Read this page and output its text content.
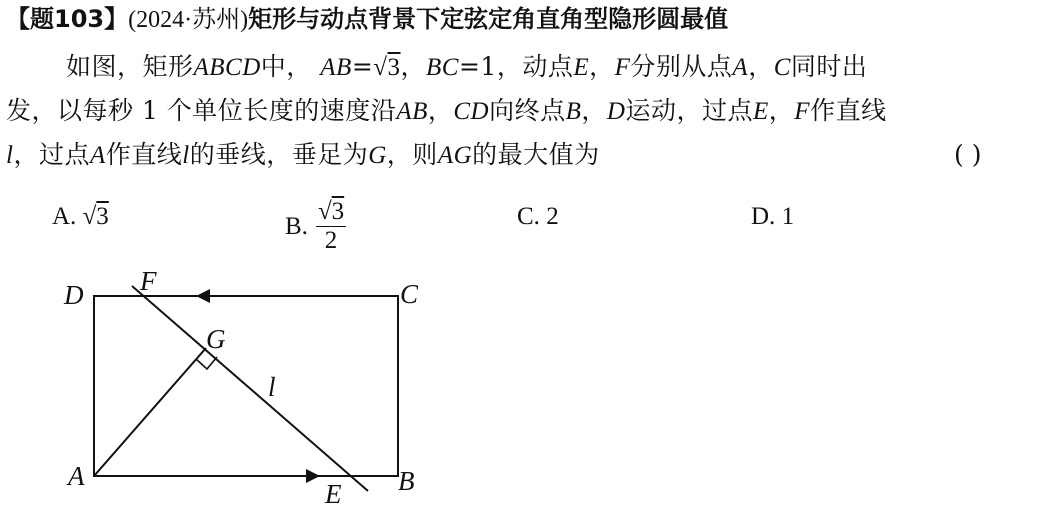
【题103】(2024·苏州)矩形与动点背景下定弦定角直角型隐形圆最值
如图，矩形ABCD中， AB=√3，BC=1，动点E，F分别从点A，C同时出
发，以每秒 1 个单位长度的速度沿AB，CD向终点B，D运动，过点E，F作直线
l，过点A作直线l的垂线，垂足为G，则AG的最大值为	( )
A. √3	B. $\frac{√3}{2}$	C. 2	D. 1
D F	C
G
l
A
E B
